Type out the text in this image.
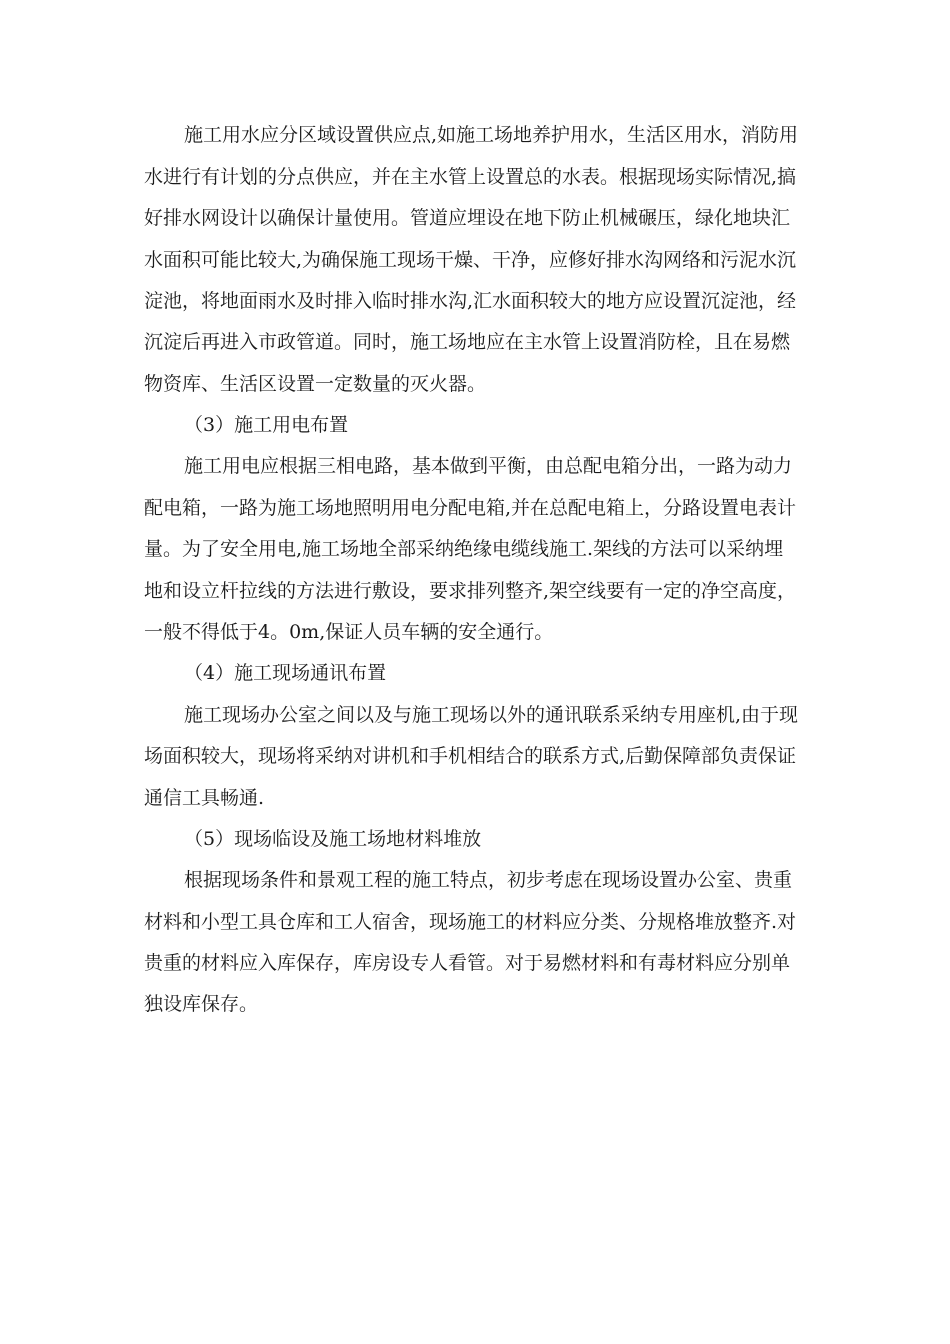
施工用水应分区域设置供应点,如施工场地养护用水，生活区用水，消防用

水进行有计划的分点供应，并在主水管上设置总的水表。根据现场实际情况,搞

好排水网设计以确保计量使用。管道应埋设在地下防止机械碾压，绿化地块汇

水面积可能比较大,为确保施工现场干燥、干净，应修好排水沟网络和污泥水沉

淀池，将地面雨水及时排入临时排水沟,汇水面积较大的地方应设置沉淀池，经

沉淀后再进入市政管道。同时，施工场地应在主水管上设置消防栓，且在易燃

物资库、生活区设置一定数量的灭火器。

（3）施工用电布置

施工用电应根据三相电路，基本做到平衡，由总配电箱分出，一路为动力

配电箱，一路为施工场地照明用电分配电箱,并在总配电箱上，分路设置电表计

量。为了安全用电,施工场地全部采纳绝缘电缆线施工.架线的方法可以采纳埋

地和设立杆拉线的方法进行敷设，要求排列整齐,架空线要有一定的净空高度，

一般不得低于4。0m,保证人员车辆的安全通行。

（4）施工现场通讯布置

施工现场办公室之间以及与施工现场以外的通讯联系采纳专用座机,由于现

场面积较大，现场将采纳对讲机和手机相结合的联系方式,后勤保障部负责保证

通信工具畅通.

（5）现场临设及施工场地材料堆放

根据现场条件和景观工程的施工特点，初步考虑在现场设置办公室、贵重

材料和小型工具仓库和工人宿舍，现场施工的材料应分类、分规格堆放整齐.对

贵重的材料应入库保存，库房设专人看管。对于易燃材料和有毒材料应分别单

独设库保存。
